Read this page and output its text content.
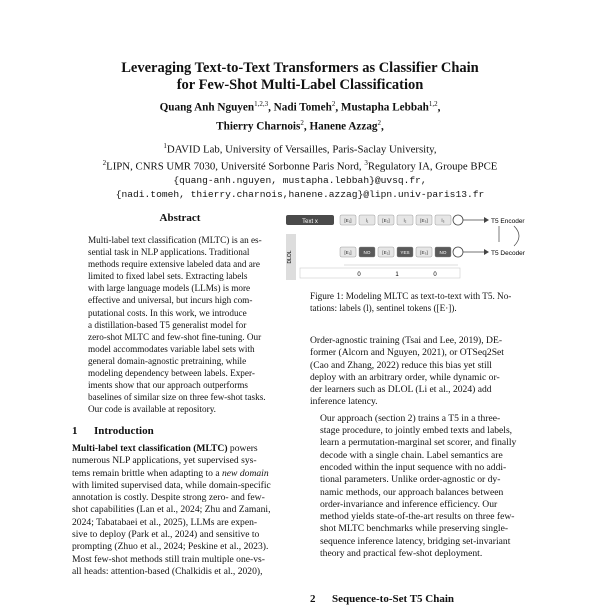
Leveraging Text-to-Text Transformers as Classifier Chain
for Few-Shot Multi-Label Classification
Quang Anh Nguyen$^{1,2,3}$, Nadi Tomeh$^2$, Mustapha Lebbah$^{1,2}$,
Thierry Charnois$^2$, Hanene Azzag$^2$,
$^1$DAVID Lab, University of Versailles, Paris-Saclay University,
$^2$LIPN, CNRS UMR 7030, Université Sorbonne Paris Nord, $^3$Regulatory IA, Groupe BPCE
{quang-anh.nguyen, mustapha.lebbah}@uvsq.fr,
{nadi.tomeh, thierry.charnois,hanene.azzag}@lipn.univ-paris13.fr
Abstract
Multi-label text classification (MLTC) is an es-
sential task in NLP applications. Traditional
methods require extensive labeled data and are
limited to fixed label sets. Extracting labels
with large language models (LLMs) is more
effective and universal, but incurs high com-
putational costs. In this work, we introduce
a distillation-based T5 generalist model for
zero-shot MLTC and few-shot fine-tuning. Our
model accommodates variable label sets with
general domain-agnostic pretraining, while
modeling dependency between labels. Exper-
iments show that our approach outperforms
baselines of similar size on three few-shot tasks.
Our code is available at repository.
1 Introduction
Multi-label text classification (MLTC) powers
numerous NLP applications, yet supervised sys-
tems remain brittle when adapting to a new domain
with limited supervised data, while domain-specific
annotation is costly. Despite strong zero- and few-
shot capabilities (Lan et al., 2024; Zhu and Zamani,
2024; Tabatabaei et al., 2025), LLMs are expen-
sive to deploy (Park et al., 2024) and sensitive to
prompting (Zhuo et al., 2024; Peskine et al., 2023).
Most few-shot methods still train multiple one-vs-
all heads: attention-based (Chalkidis et al., 2020),
Text x	[E₁]	l₁	[E₂]	l₂	[E₃]	l₃	T5 Encoder
DLOL	[E₁]	NO	[E₂] YES [E₃]	NO	T5 Decoder
0	1	0
Figure 1: Modeling MLTC as text-to-text with T5. No-
tations: labels (l), sentinel tokens ([E·]).

Order-agnostic training (Tsai and Lee, 2019), DE-
former (Alcorn and Nguyen, 2021), or OTSeq2Set
(Cao and Zhang, 2022) reduce this bias yet still
deploy with an arbitrary order, while dynamic or-
der learners such as DLOL (Li et al., 2024) add
inference latency.

Our approach (section 2) trains a T5 in a three-
stage procedure, to jointly embed texts and labels,
learn a permutation-marginal set scorer, and finally
decode with a single chain. Label semantics are
encoded within the input sequence with no addi-
tional parameters. Unlike order-agnostic or dy-
namic methods, our approach balances between
order-invariance and inference efficiency. Our
method yields state-of-the-art results on three few-
shot MLTC benchmarks while preserving single-
sequence inference latency, bridging set-invariant
theory and practical few-shot deployment.

2 Sequence-to-Set T5 Chain
